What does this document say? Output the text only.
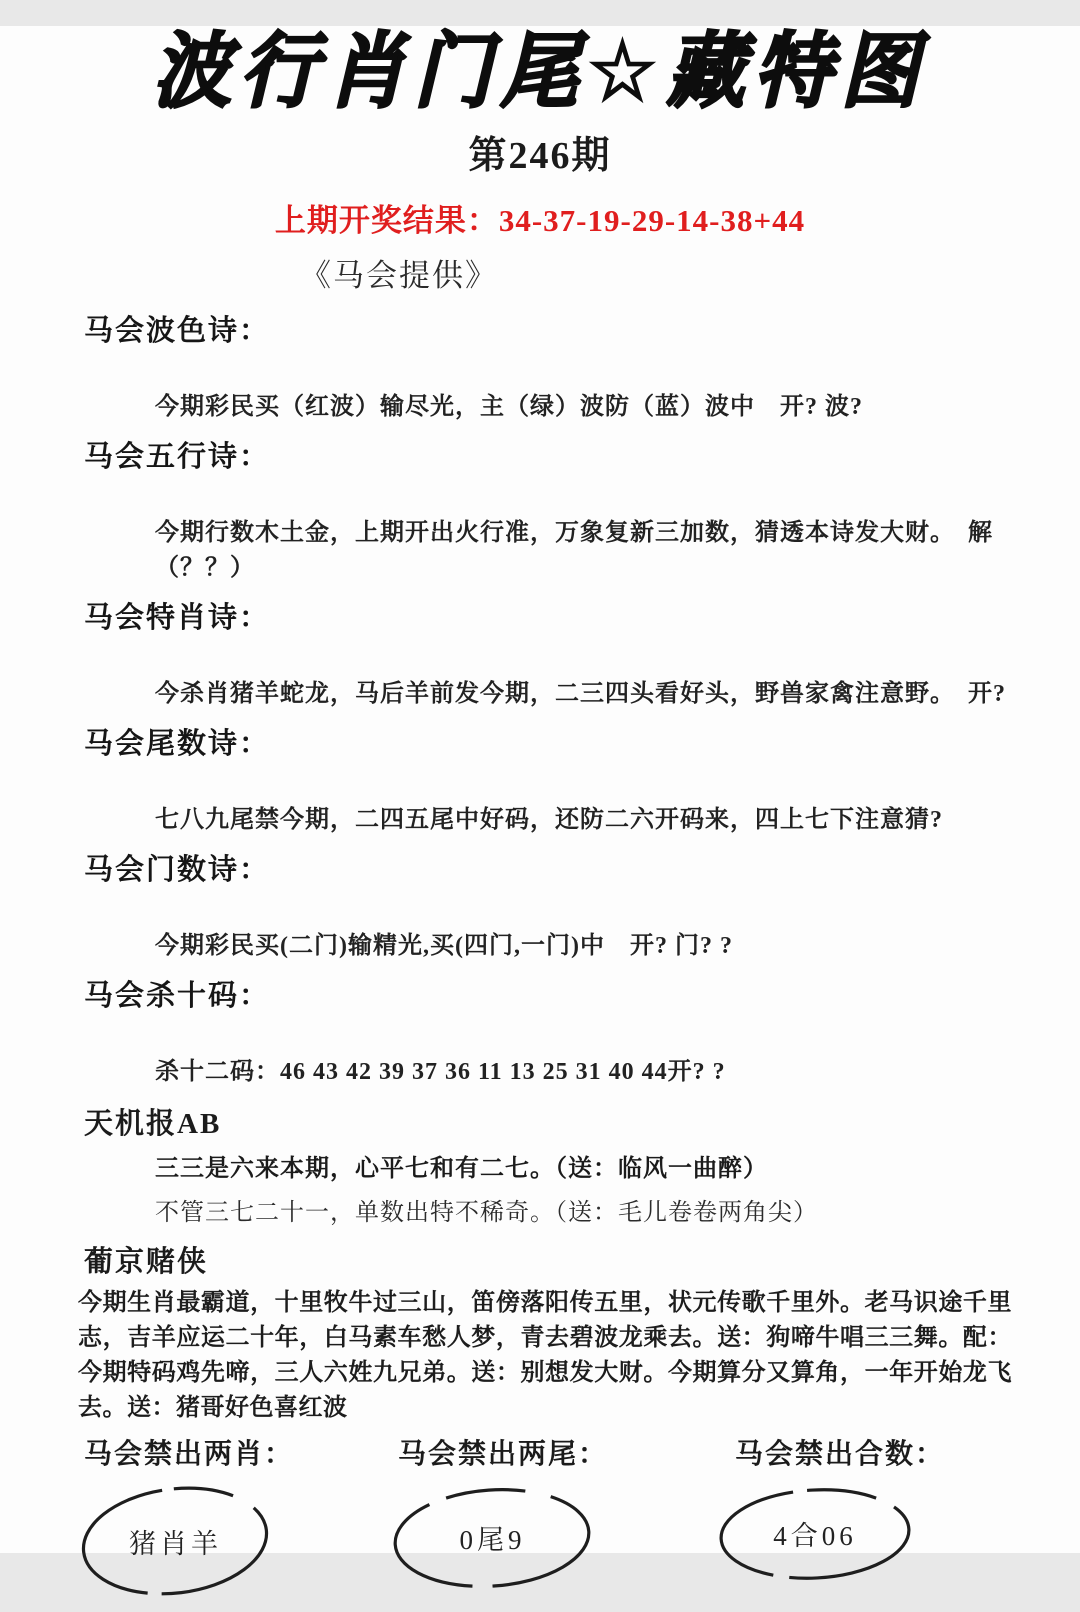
波行肖门尾☆藏特图
第246期
上期开奖结果：34-37-19-29-14-38+44
《马会提供》
马会波色诗：

今期彩民买（红波）输尽光，主（绿）波防（蓝）波中　开? 波?

马会五行诗：

今期行数木土金，上期开出火行准，万象复新三加数，猜透本诗发大财。　解（？？）

马会特肖诗：

今杀肖猪羊蛇龙，马后羊前发今期，二三四头看好头，野兽家禽注意野。　开?

马会尾数诗：

七八九尾禁今期，二四五尾中好码，还防二六开码来，四上七下注意猜?

马会门数诗：

今期彩民买(二门)输精光,买(四门,一门)中　开? 门? ?

马会杀十码：

杀十二码：46 43 42 39 37 36 11 13 25 31 40 44开? ?

天机报AB

三三是六来本期，心平七和有二七。（送：临风一曲醉）

不管三七二十一，单数出特不稀奇。（送：毛儿卷卷两角尖）

葡京赌侠

今期生肖最霸道，十里牧牛过三山，笛傍落阳传五里，状元传歌千里外。老马识途千里志，吉羊应运二十年，白马素车愁人梦，青去碧波龙乘去。送：狗啼牛唱三三舞。配：今期特码鸡先啼，三人六姓九兄弟。送：别想发大财。今期算分又算角，一年开始龙飞去。送：猪哥好色喜红波

马会禁出两肖：

猪肖羊

马会禁出两尾：

0尾9

马会禁出合数：

4合06
